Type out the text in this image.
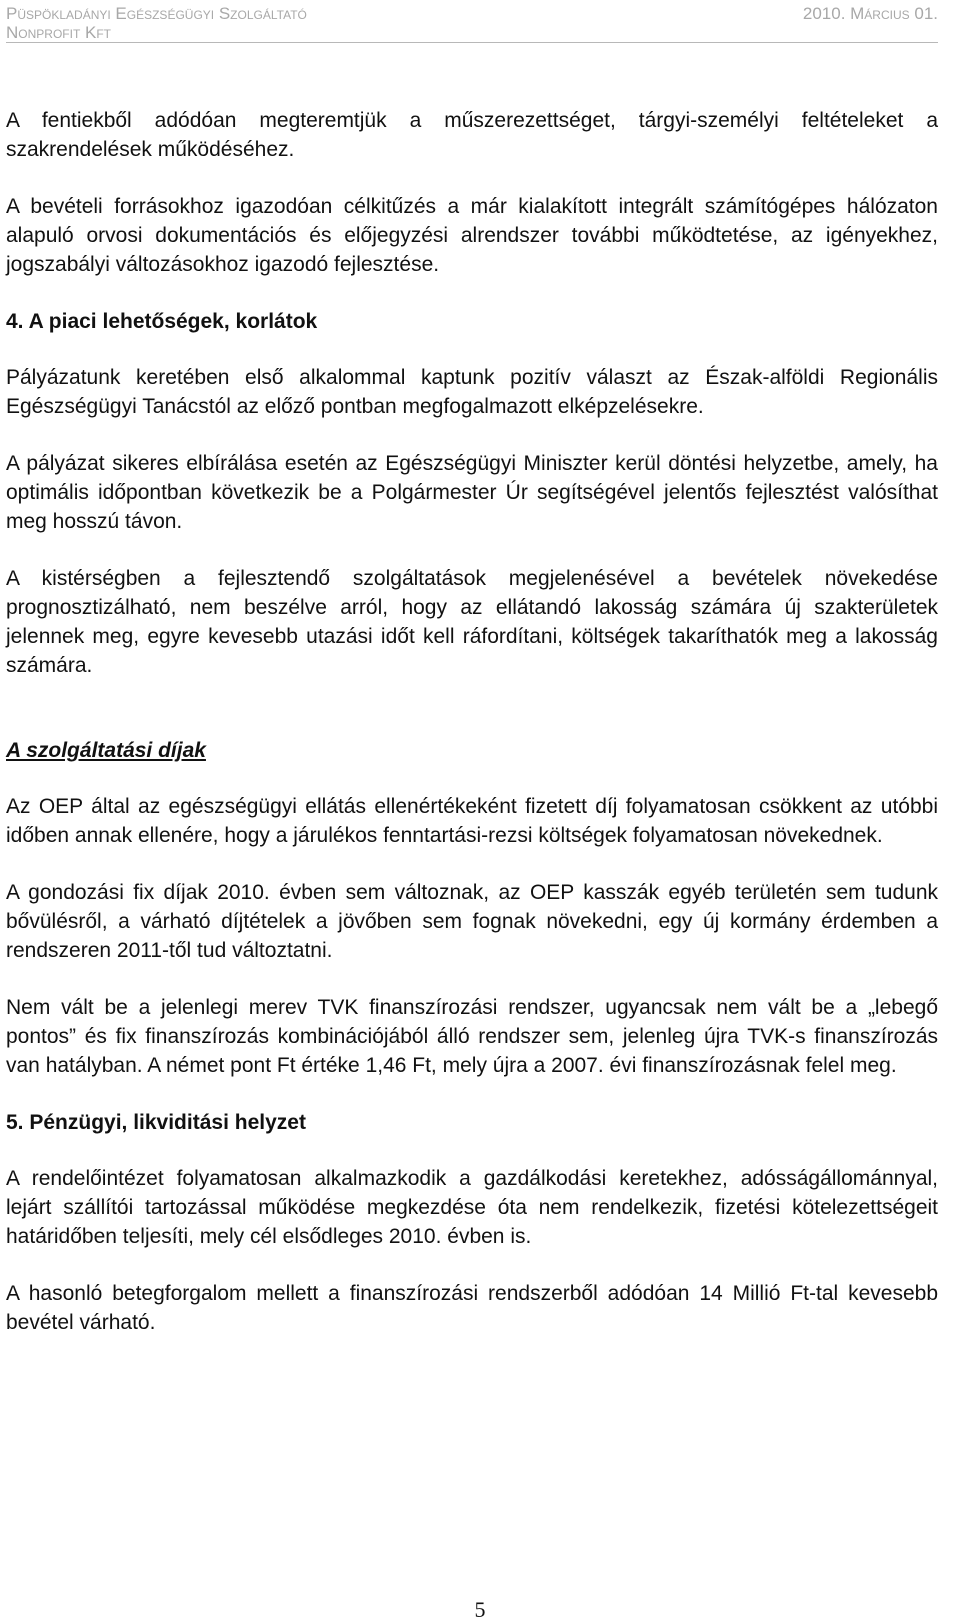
Püspökladányi Egészségügyi Szolgáltató
Nonprofit Kft
2010. Március 01.

A fentiekből adódóan megteremtjük a műszerezettséget, tárgyi-személyi feltételeket a szakrendelések működéséhez.

A bevételi forrásokhoz igazodóan célkitűzés a már kialakított integrált számítógépes hálózaton alapuló orvosi dokumentációs és előjegyzési alrendszer további működtetése, az igényekhez, jogszabályi változásokhoz igazodó fejlesztése.

4. A piaci lehetőségek, korlátok

Pályázatunk keretében első alkalommal kaptunk pozitív választ az Észak-alföldi Regionális Egészségügyi Tanácstól az előző pontban megfogalmazott elképzelésekre.

A pályázat sikeres elbírálása esetén az Egészségügyi Miniszter kerül döntési helyzetbe, amely, ha optimális időpontban következik be a Polgármester Úr segítségével jelentős fejlesztést valósíthat meg hosszú távon.

A kistérségben a fejlesztendő szolgáltatások megjelenésével a bevételek növekedése prognosztizálható, nem beszélve arról, hogy az ellátandó lakosság számára új szakterületek jelennek meg, egyre kevesebb utazási időt kell ráfordítani, költségek takaríthatók meg a lakosság számára.

A szolgáltatási díjak

Az OEP által az egészségügyi ellátás ellenértékeként fizetett díj folyamatosan csökkent az utóbbi időben annak ellenére, hogy a járulékos fenntartási-rezsi költségek folyamatosan növekednek.

A gondozási fix díjak 2010. évben sem változnak, az OEP kasszák egyéb területén sem tudunk bővülésről, a várható díjtételek a jövőben sem fognak növekedni, egy új kormány érdemben a rendszeren 2011-től tud változtatni.

Nem vált be a jelenlegi merev TVK finanszírozási rendszer, ugyancsak nem vált be a „lebegő pontos” és fix finanszírozás kombinációjából álló rendszer sem, jelenleg újra TVK-s finanszírozás van hatályban. A német pont Ft értéke 1,46 Ft, mely újra a 2007. évi finanszírozásnak felel meg.

5. Pénzügyi, likviditási helyzet

A rendelőintézet folyamatosan alkalmazkodik a gazdálkodási keretekhez, adósságállománnyal, lejárt szállítói tartozással működése megkezdése óta nem rendelkezik, fizetési kötelezettségeit határidőben teljesíti, mely cél elsődleges 2010. évben is.

A hasonló betegforgalom mellett a finanszírozási rendszerből adódóan 14 Millió Ft-tal kevesebb bevétel várható.

5
